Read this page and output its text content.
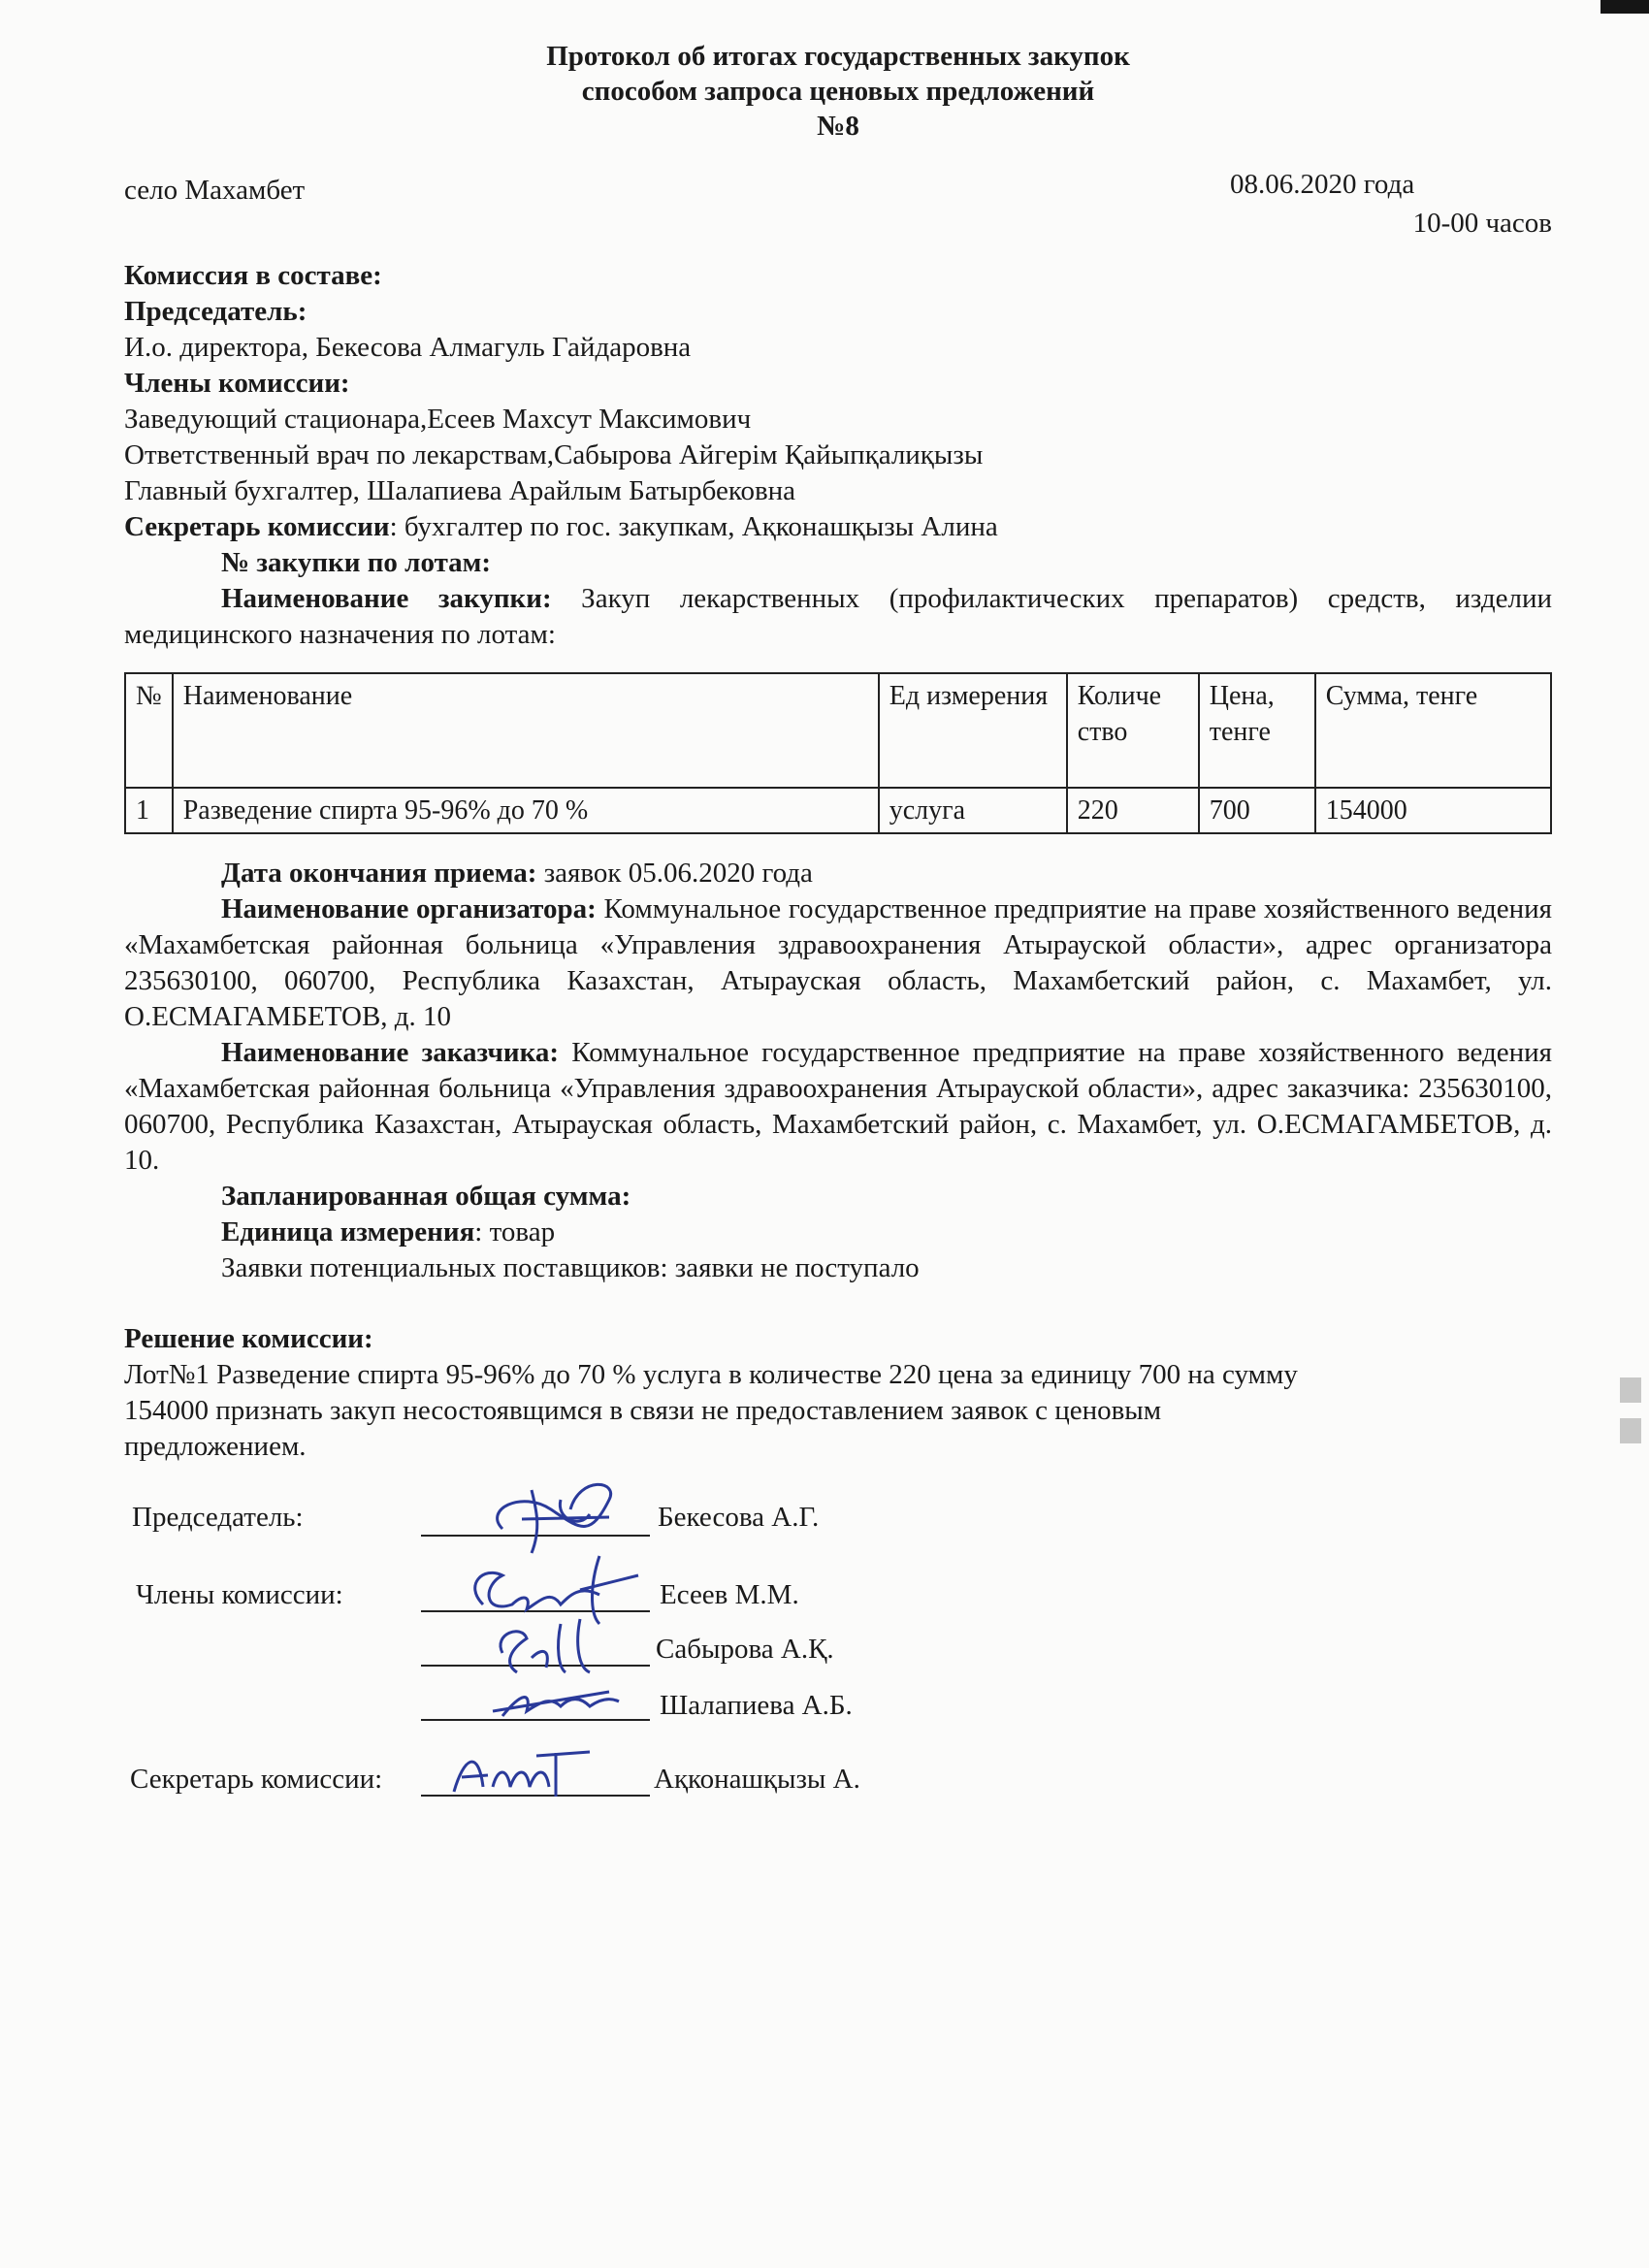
Протокол об итогах государственных закупок
способом запроса ценовых предложений
№8
село Махамбет	08.06.2020 года
10-00 часов

Комиссия в составе:

Председатель:

И.о. директора, Бекесова Алмагуль Гайдаровна

Члены комиссии:

Заведующий стационара,Есеев Махсут Максимович

Ответственный врач по лекарствам,Сабырова Айгерім Қайыпқалиқызы

Главный бухгалтер, Шалапиева Арайлым Батырбековна

Секретарь комиссии: бухгалтер по гос. закупкам, Ақконашқызы Алина

№ закупки по лотам:

Наименование закупки: Закуп лекарственных (профилактических препаратов) средств, изделии медицинского назначения по лотам:

№	Наименование	Ед измерения	Количе ство	Цена, тенге	Сумма, тенге
1	Разведение спирта 95-96% до 70 %	услуга	220	700	154000

Дата окончания приема: заявок 05.06.2020 года

Наименование организатора: Коммунальное государственное предприятие на праве хозяйственного ведения «Махамбетская районная больница «Управления здравоохранения Атырауской области», адрес организатора 235630100, 060700, Республика Казахстан, Атырауская область, Махамбетский район, с. Махамбет, ул. О.ЕСМАГАМБЕТОВ, д. 10

Наименование заказчика: Коммунальное государственное предприятие на праве хозяйственного ведения «Махамбетская районная больница «Управления здравоохранения Атырауской области», адрес заказчика: 235630100, 060700, Республика Казахстан, Атырауская область, Махамбетский район, с. Махамбет, ул. О.ЕСМАГАМБЕТОВ, д. 10.

Запланированная общая сумма:

Единица измерения: товар

Заявки потенциальных поставщиков: заявки не поступало

Решение комиссии:

Лот№1 Разведение спирта 95-96% до 70 % услуга в количестве 220 цена за единицу 700 на сумму

154000 признать закуп несостоявщимся в связи не предоставлением заявок с ценовым

предложением.

Председатель:	Бекесова А.Г.
Члены комиссии:	Есеев М.М.
Сабырова А.Қ.
Шалапиева А.Б.
Секретарь комиссии:	Ақконашқызы А.
